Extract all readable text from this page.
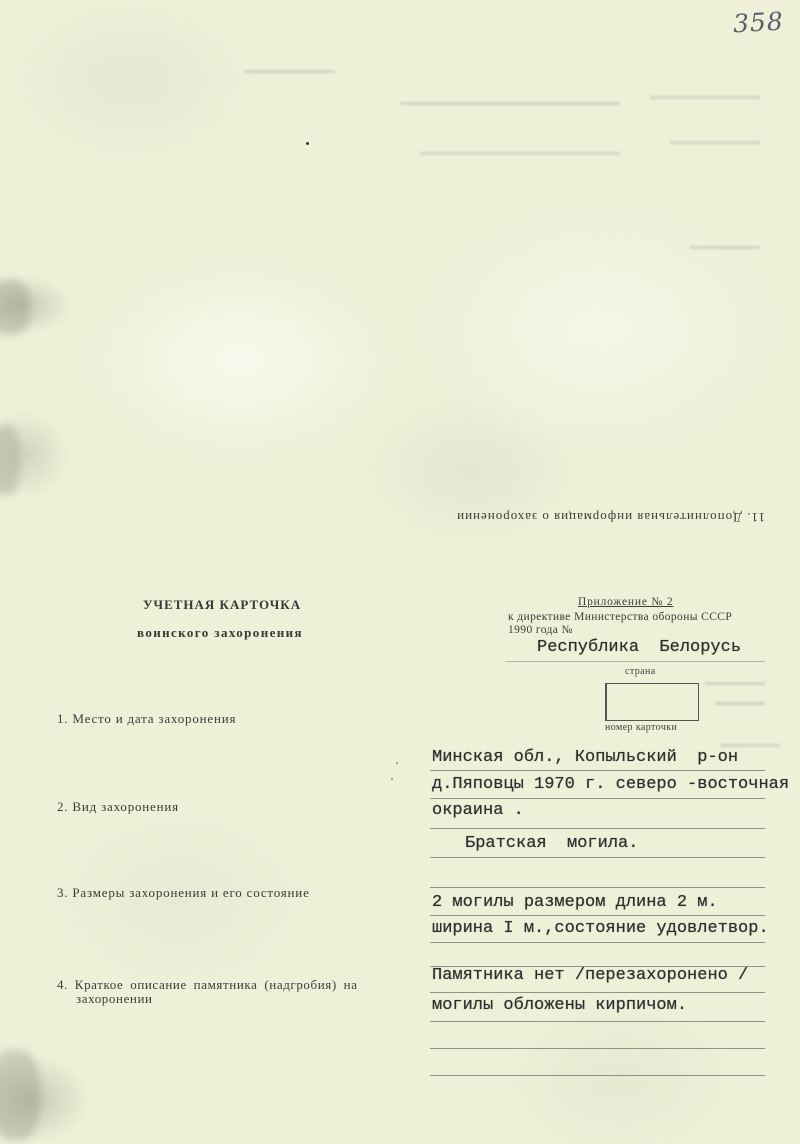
358
11. Дополнительная информация о захоронении
УЧЕТНАЯ КАРТОЧКА
воинского захоронения
Приложение № 2
к директиве Министерства обороны СССР
1990 года №
Республика  Белорусь
страна
номер карточки
1. Место и дата захоронения
2. Вид захоронения
3. Размеры захоронения и его состояние
4. Краткое описание памятника (надгробия) на
захоронении
Минская обл., Копыльский  р-он
д.Пяповцы 1970 г. северо -восточная
окраина .
Братская  могила.
2 могилы размером длина 2 м.
ширина I м.,состояние удовлетвор.
Памятника нет /перезахоронено /
могилы обложены кирпичом.
